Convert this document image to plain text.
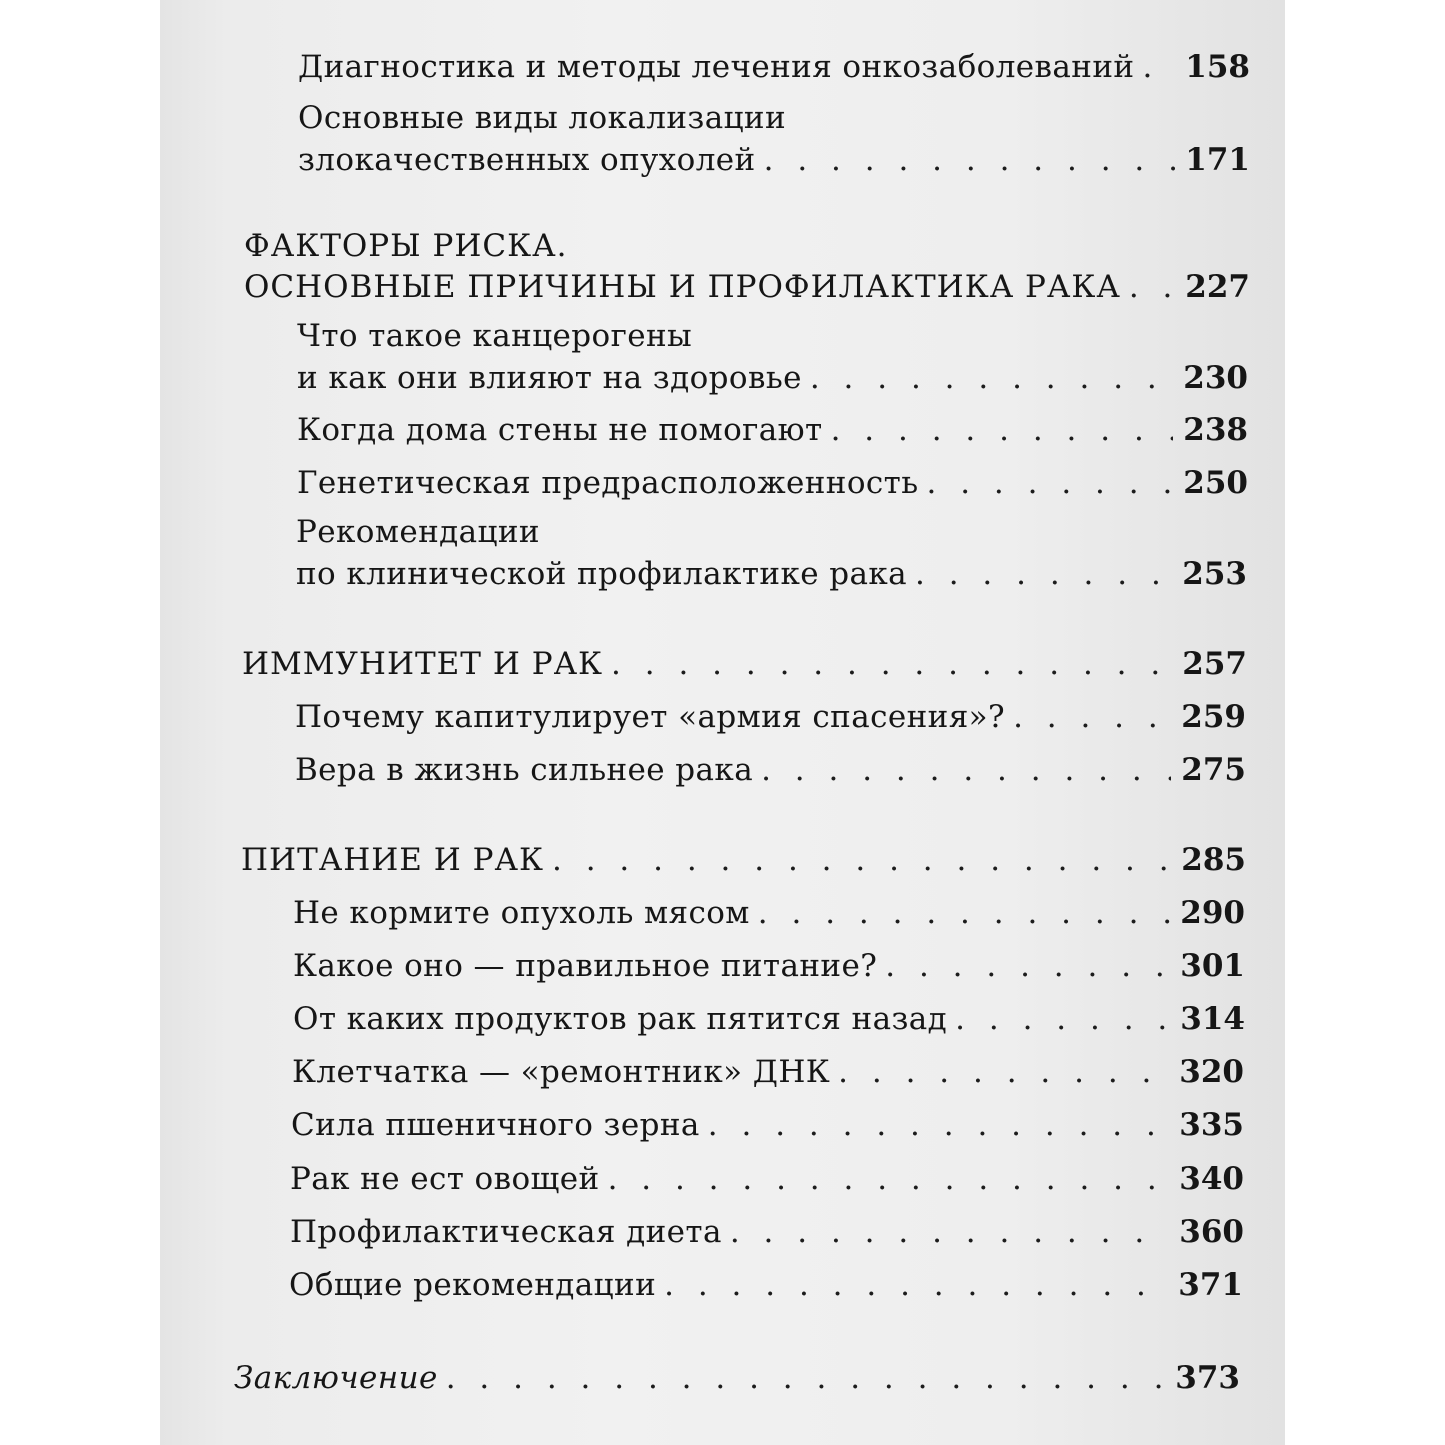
Диагностика и методы лечения онкозаболеваний . . . 158
Основные виды локализации
злокачественных опухолей . . .	171
ФАКТОРЫ РИСКА.
ОСНОВНЫЕ ПРИЧИНЫ И ПРОФИЛАКТИКА РАКА . . . 227
Что такое канцерогены
и как они влияют на здоровье . . .	230
Когда дома стены не помогают . . .	238
Генетическая предрасположенность . . .	250
Рекомендации
по клинической профилактике рака . . .	253
ИММУНИТЕТ И РАК . . .	257
Почему капитулирует «армия спасения»? . . .	259
Вера в жизнь сильнее рака . . .	275
ПИТАНИЕ И РАК . . .	285
Не кормите опухоль мясом . . .	290
Какое оно — правильное питание? . . .	301
От каких продуктов рак пятится назад . . .	314
Клетчатка — «ремонтник» ДНК . . .	320
Сила пшеничного зерна . . .	335
Рак не ест овощей . . .	340
Профилактическая диета . . .	360
Общие рекомендации . . .	371
Заключение . . .	373
